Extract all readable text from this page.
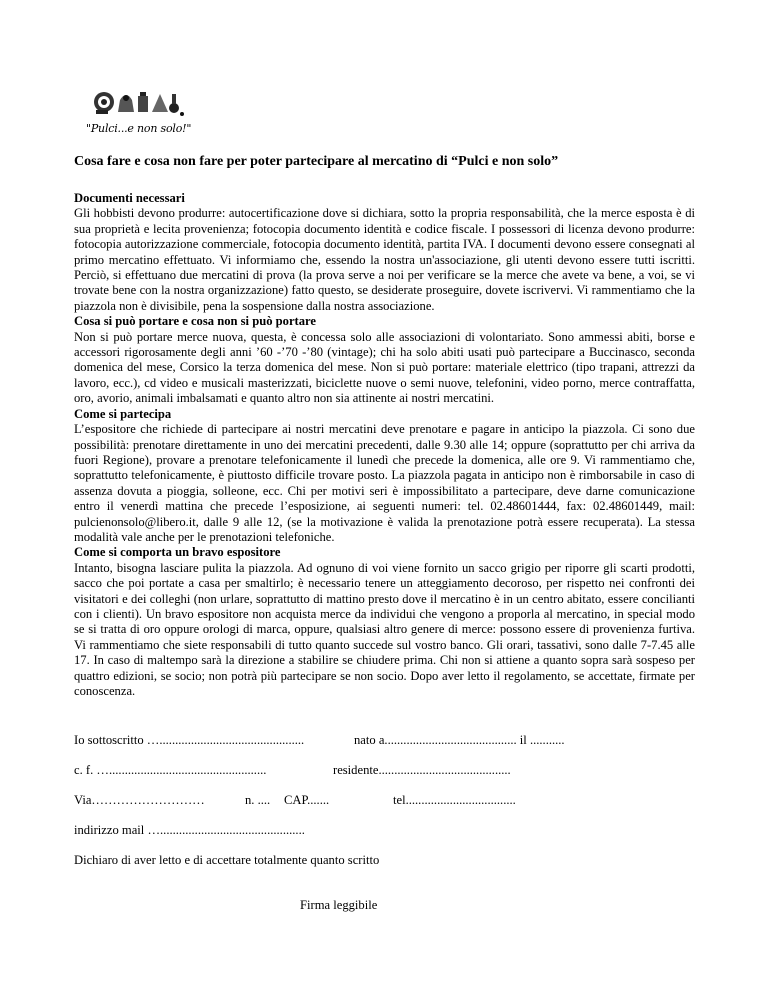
"Pulci...e non solo!"
Cosa fare e cosa non fare per poter partecipare al mercatino di “Pulci e non solo”
Documenti necessari

Gli hobbisti devono produrre: autocertificazione dove si dichiara, sotto la propria responsabilità, che la merce esposta è di sua proprietà e lecita provenienza; fotocopia documento identità e codice fiscale. I possessori di licenza devono produrre: fotocopia autorizzazione commerciale, fotocopia documento identità, partita IVA. I documenti devono essere consegnati al primo mercatino effettuato. Vi informiamo che, essendo la nostra un'associazione, gli utenti devono essere tutti iscritti. Perciò, si effettuano due mercatini di prova (la prova serve a noi per verificare se la merce che avete va bene, a voi, se vi trovate bene con la nostra organizzazione) fatto questo, se desiderate proseguire, dovete iscrivervi. Vi rammentiamo che la piazzola non è divisibile, pena la sospensione dalla nostra associazione.

Cosa si può portare e cosa non si può portare

Non si può portare merce nuova, questa, è concessa solo alle associazioni di volontariato. Sono ammessi abiti, borse e accessori rigorosamente degli anni ’60 -’70 -’80 (vintage); chi ha solo abiti usati può partecipare a Buccinasco, seconda domenica del mese, Corsico la terza domenica del mese. Non si può portare: materiale elettrico (tipo trapani, attrezzi da lavoro, ecc.), cd video e musicali masterizzati, biciclette nuove o semi nuove, telefonini, video porno, merce contraffatta, oro, avorio, animali imbalsamati e quanto altro non sia attinente ai nostri mercatini.

Come si partecipa

L’espositore che richiede di partecipare ai nostri mercatini deve prenotare e pagare in anticipo la piazzola. Ci sono due possibilità: prenotare direttamente in uno dei mercatini precedenti, dalle 9.30 alle 14; oppure (soprattutto per chi arriva da fuori Regione), provare a prenotare telefonicamente il lunedì che precede la domenica, alle ore 9. Vi rammentiamo che, soprattutto telefonicamente, è piuttosto difficile trovare posto. La piazzola pagata in anticipo non è rimborsabile in caso di assenza dovuta a pioggia, solleone, ecc. Chi per motivi seri è impossibilitato a partecipare, deve darne comunicazione entro il venerdì mattina che precede l’esposizione, ai seguenti numeri: tel. 02.48601444, fax: 02.48601449, mail: pulcienonsolo@libero.it, dalle 9 alle 12, (se la motivazione è valida la prenotazione potrà essere recuperata). La stessa modalità vale anche per le prenotazioni telefoniche.

Come si comporta un bravo espositore

Intanto, bisogna lasciare pulita la piazzola. Ad ognuno di voi viene fornito un sacco grigio per riporre gli scarti prodotti, sacco che poi portate a casa per smaltirlo; è necessario tenere un atteggiamento decoroso, per rispetto nei confronti dei visitatori e dei colleghi (non urlare, soprattutto di mattino presto dove il mercatino è in un centro abitato, essere concilianti con i clienti). Un bravo espositore non acquista merce da individui che vengono a proporla al mercatino, in special modo se si tratta di oro oppure orologi di marca, oppure, qualsiasi altro genere di merce: possono essere di provenienza furtiva. Vi rammentiamo che siete responsabili di tutto quanto succede sul vostro banco. Gli orari, tassativi, sono dalle 7-7.45 alle 17. In caso di maltempo sarà la direzione a stabilire se chiudere prima. Chi non si attiene a quanto sopra sarà sospeso per quattro edizioni, se socio; non potrà più partecipare se non socio. Dopo aver letto il regolamento, se accettate, firmate per conoscenza.

Io sottoscritto …..............................................	nato a.......................................... il ...........
c. f. …..................................................	residente..........................................
Via………………………	n. .... CAP.......	tel...................................
indirizzo mail …..............................................
Dichiaro di aver letto e di accettare totalmente quanto scritto
Firma leggibile
